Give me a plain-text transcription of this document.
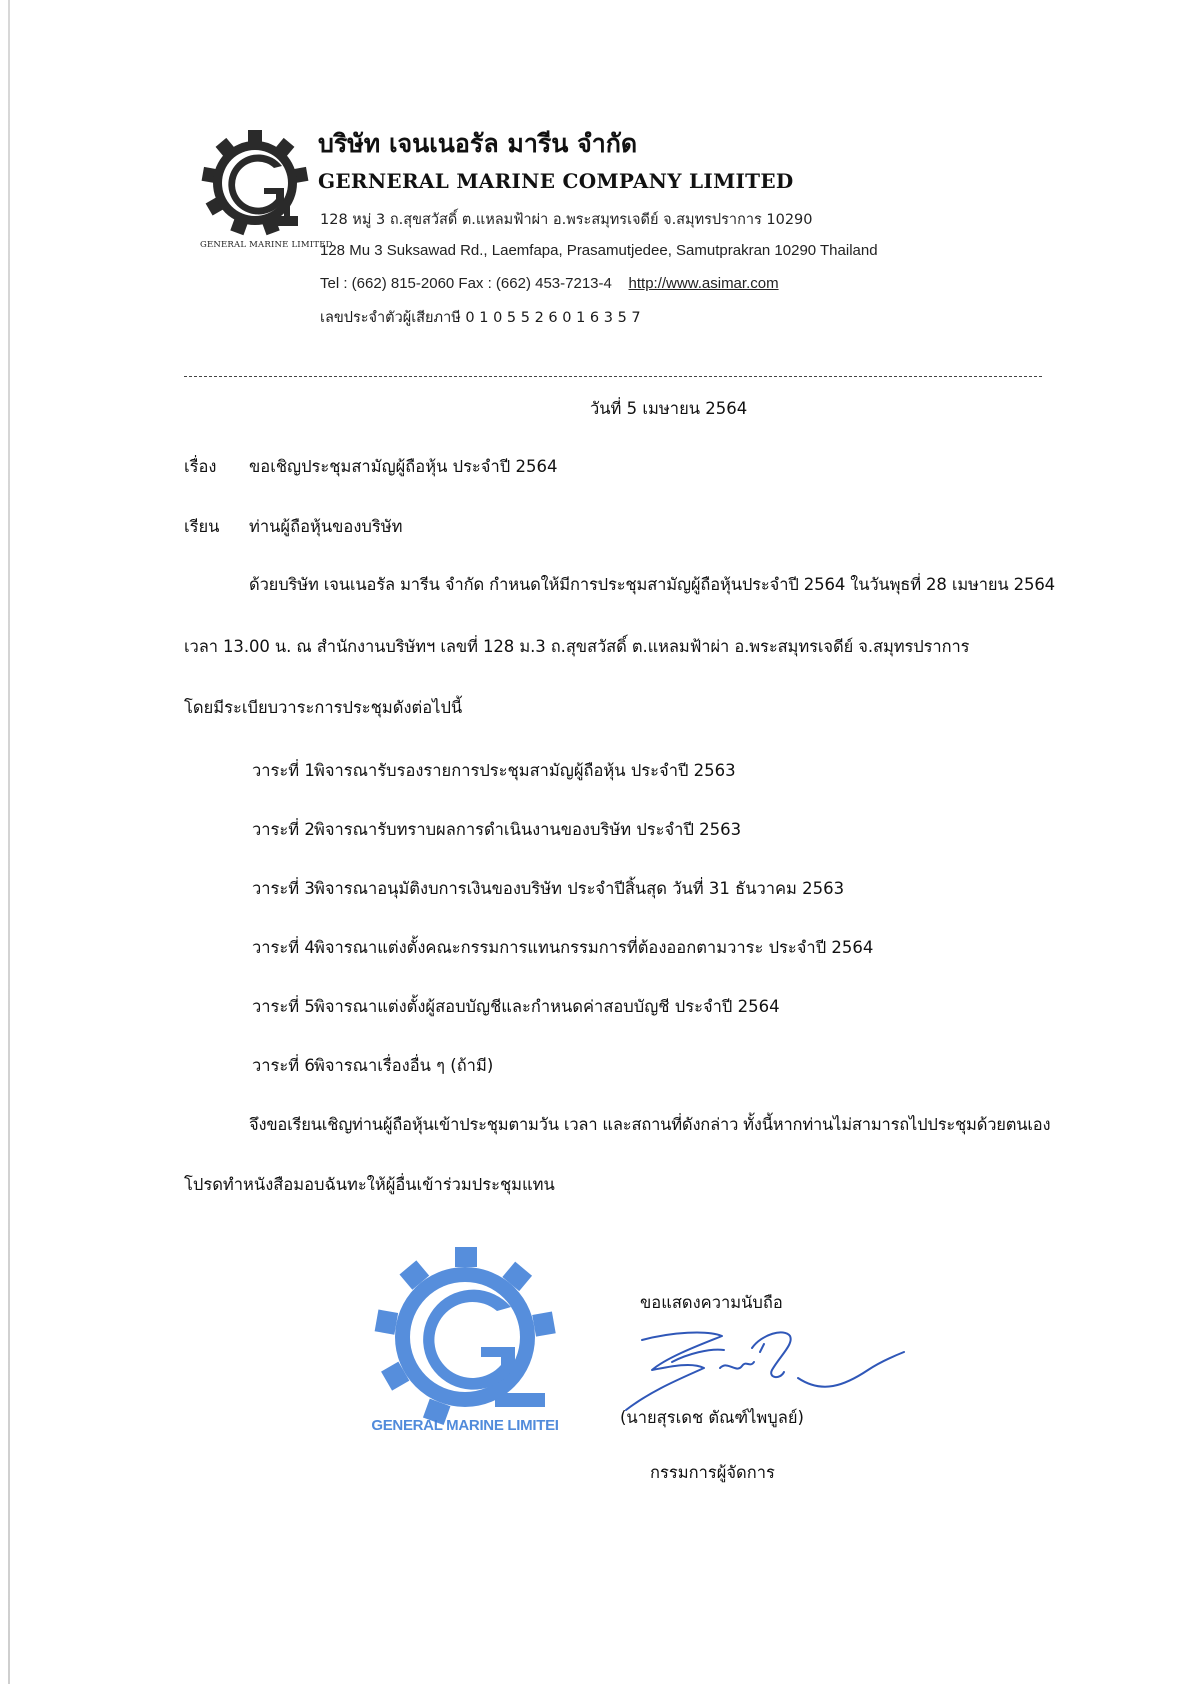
GENERAL MARINE LIMITED
บริษัท เจนเนอรัล มารีน จำกัด
GERNERAL MARINE COMPANY LIMITED
128 หมู่ 3 ถ.สุขสวัสดิ์ ต.แหลมฟ้าผ่า อ.พระสมุทรเจดีย์ จ.สมุทรปราการ 10290
128 Mu 3 Suksawad Rd., Laemfapa, Prasamutjedee, Samutprakran 10290 Thailand
Tel : (662) 815-2060 Fax : (662) 453-7213-4 http://www.asimar.com
เลขประจำตัวผู้เสียภาษี 0 1 0 5 5 2 6 0 1 6 3 5 7
วันที่ 5 เมษายน 2564
เรื่อง ขอเชิญประชุมสามัญผู้ถือหุ้น ประจำปี 2564
เรียน ท่านผู้ถือหุ้นของบริษัท
ด้วยบริษัท เจนเนอรัล มารีน จำกัด กำหนดให้มีการประชุมสามัญผู้ถือหุ้นประจำปี 2564 ในวันพุธที่ 28 เมษายน 2564
เวลา 13.00 น. ณ สำนักงานบริษัทฯ เลขที่ 128 ม.3 ถ.สุขสวัสดิ์ ต.แหลมฟ้าผ่า อ.พระสมุทรเจดีย์ จ.สมุทรปราการ
โดยมีระเบียบวาระการประชุมดังต่อไปนี้
วาระที่ 1พิจารณารับรองรายการประชุมสามัญผู้ถือหุ้น ประจำปี 2563
วาระที่ 2พิจารณารับทราบผลการดำเนินงานของบริษัท ประจำปี 2563
วาระที่ 3พิจารณาอนุมัติงบการเงินของบริษัท ประจำปีสิ้นสุด วันที่ 31 ธันวาคม 2563
วาระที่ 4พิจารณาแต่งตั้งคณะกรรมการแทนกรรมการที่ต้องออกตามวาระ ประจำปี 2564
วาระที่ 5พิจารณาแต่งตั้งผู้สอบบัญชีและกำหนดค่าสอบบัญชี ประจำปี 2564
วาระที่ 6พิจารณาเรื่องอื่น ๆ (ถ้ามี)
จึงขอเรียนเชิญท่านผู้ถือหุ้นเข้าประชุมตามวัน เวลา และสถานที่ดังกล่าว ทั้งนี้หากท่านไม่สามารถไปประชุมด้วยตนเอง
โปรดทำหนังสือมอบฉันทะให้ผู้อื่นเข้าร่วมประชุมแทน
GENERAL MARINE LIMITEI
ขอแสดงความนับถือ
(นายสุรเดช ตัณฑ์ไพบูลย์)
กรรมการผู้จัดการ
